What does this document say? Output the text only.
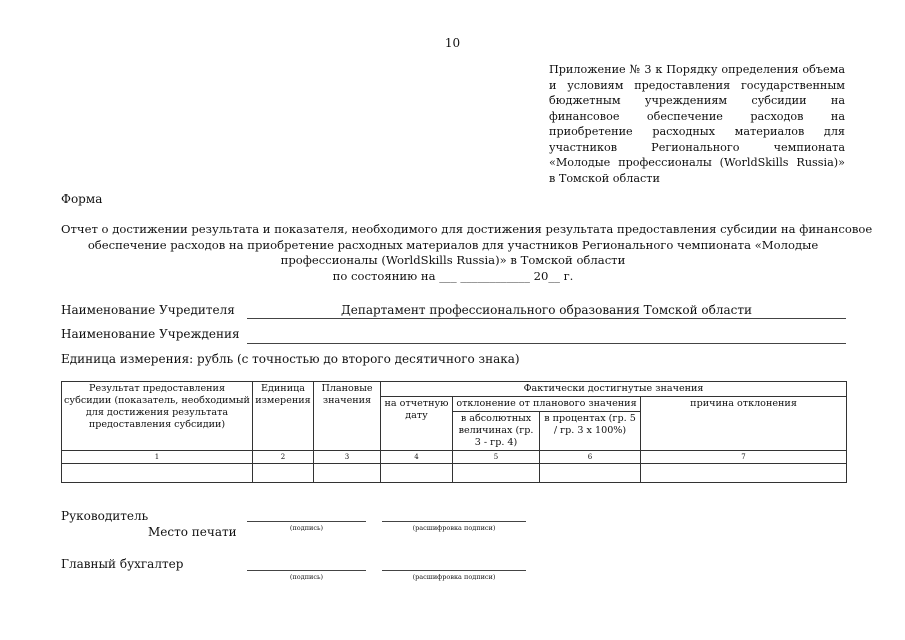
10
Приложение № 3 к Порядку определения объема
и условиям предоставления государственным
бюджетным учреждениям субсидии на
финансовое обеспечение расходов на
приобретение расходных материалов для
участников Регионального чемпионата
«Молодые профессионалы (WorldSkills Russia)»
в Томской области
Форма
Отчет о достижении результата и показателя, необходимого для достижения результата предоставления субсидии на финансовое
обеспечение расходов на приобретение расходных материалов для участников Регионального чемпионата «Молодые
профессионалы (WorldSkills Russia)» в Томской области
по состоянию на ___ ____________ 20__ г.
Наименование Учредителя	Департамент профессионального образования Томской области
Наименование Учреждения
Единица измерения: рубль (с точностью до второго десятичного знака)
Результат предоставления субсидии (показатель, необходимый для достижения результата предоставления субсидии)	Единица измерения	Плановые значения	Фактически достигнутые значения			
			на отчетную дату	отклонение от планового значения		причина отклонения
				в абсолютных величинах (гр. 3 - гр. 4)	в процентах (гр. 5 / гр. 3 х 100%)	
1	2	3	4	5	6	7

Руководитель
Место печати	(подпись)	(расшифровка подписи)
Главный бухгалтер
(подпись)	(расшифровка подписи)
